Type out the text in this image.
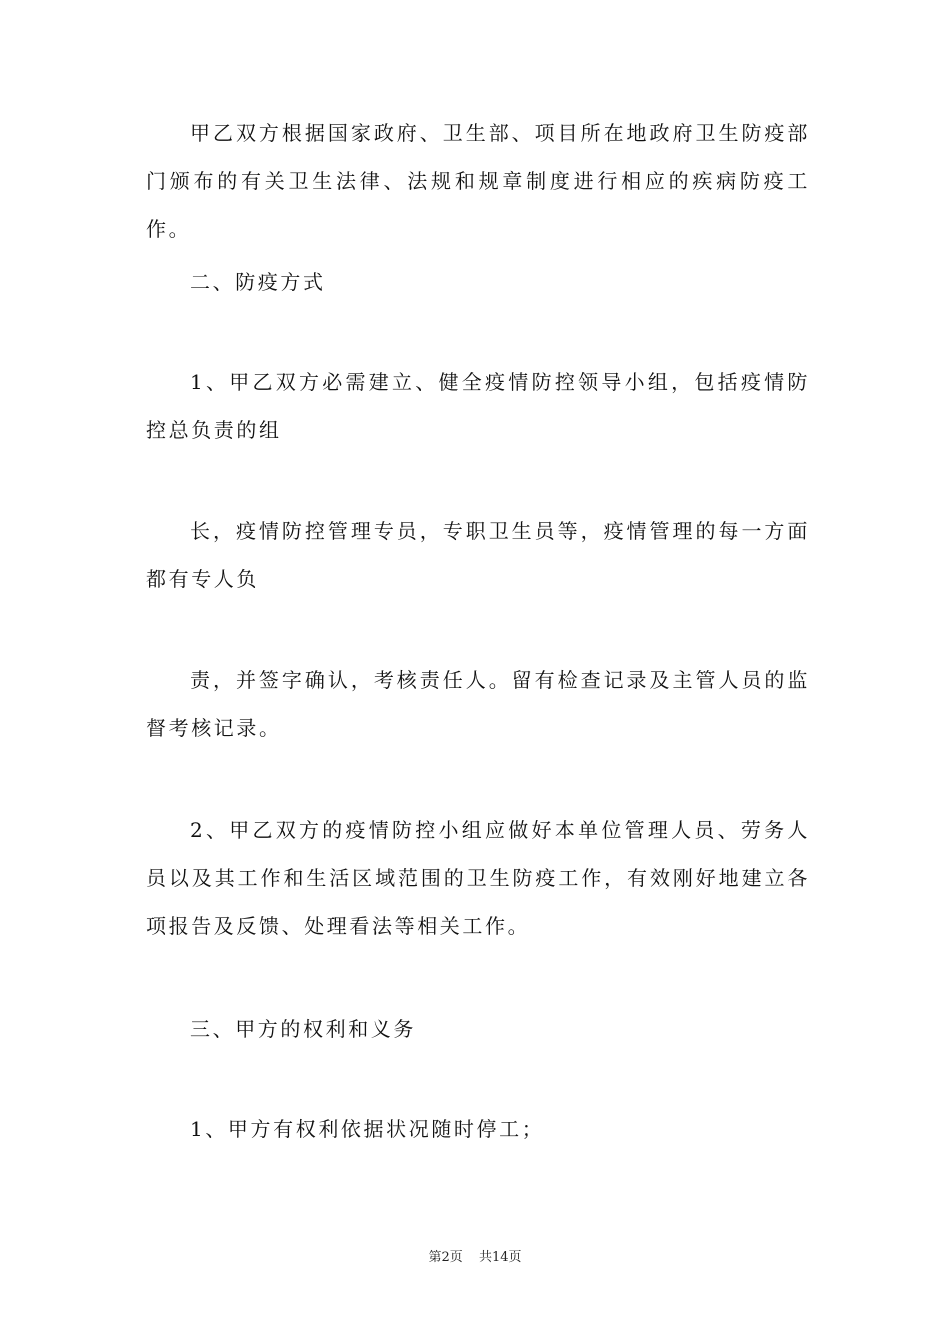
甲乙双方根据国家政府、卫生部、项目所在地政府卫生防疫部门颁布的有关卫生法律、法规和规章制度进行相应的疾病防疫工作。

二、防疫方式

1、甲乙双方必需建立、健全疫情防控领导小组，包括疫情防控总负责的组

长，疫情防控管理专员，专职卫生员等，疫情管理的每一方面都有专人负

责，并签字确认，考核责任人。留有检查记录及主管人员的监督考核记录。

2、甲乙双方的疫情防控小组应做好本单位管理人员、劳务人员以及其工作和生活区域范围的卫生防疫工作，有效刚好地建立各项报告及反馈、处理看法等相关工作。

三、甲方的权利和义务

1、甲方有权利依据状况随时停工；

第2页 共14页
